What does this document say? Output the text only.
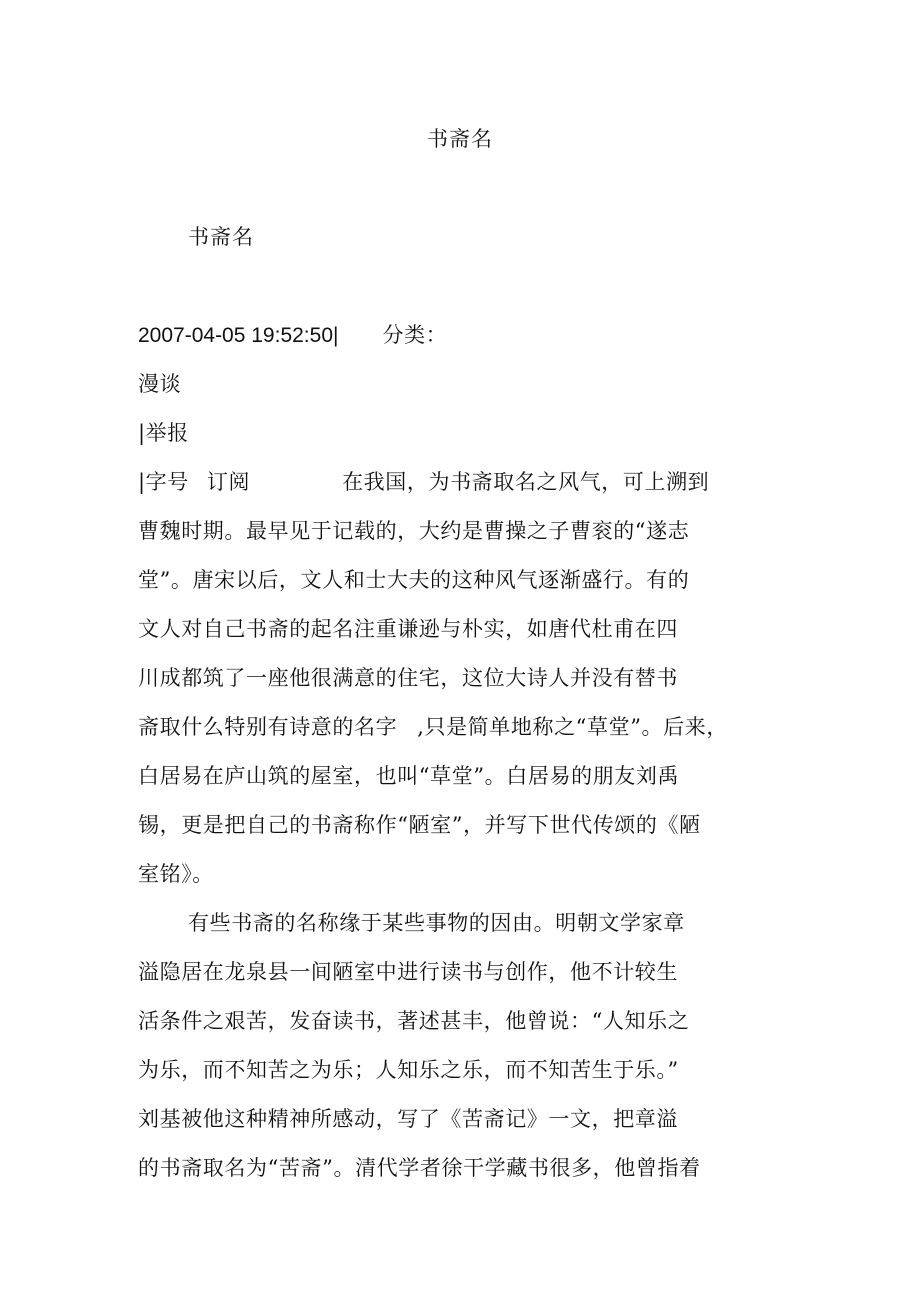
书斋名
书斋名
2007-04-05 19:52:50| 分类：
漫谈
|举报
|字号 订阅	在我国，为书斋取名之风气，可上溯到
曹魏时期。最早见于记载的，大约是曹操之子曹衮的“遂志
堂”。唐宋以后，文人和士大夫的这种风气逐渐盛行。有的
文人对自己书斋的起名注重谦逊与朴实，如唐代杜甫在四
川成都筑了一座他很满意的住宅，这位大诗人并没有替书
斋取什么特别有诗意的名字 ,只是简单地称之“草堂”。后来，
白居易在庐山筑的屋室，也叫“草堂”。白居易的朋友刘禹
锡，更是把自己的书斋称作“陋室”，并写下世代传颂的《陋
室铭》。
有些书斋的名称缘于某些事物的因由。明朝文学家章
溢隐居在龙泉县一间陋室中进行读书与创作，他不计较生
活条件之艰苦，发奋读书，著述甚丰，他曾说：“人知乐之
为乐，而不知苦之为乐；人知乐之乐，而不知苦生于乐。”
刘基被他这种精神所感动，写了《苦斋记》一文，把章溢
的书斋取名为“苦斋”。清代学者徐干学藏书很多，他曾指着
